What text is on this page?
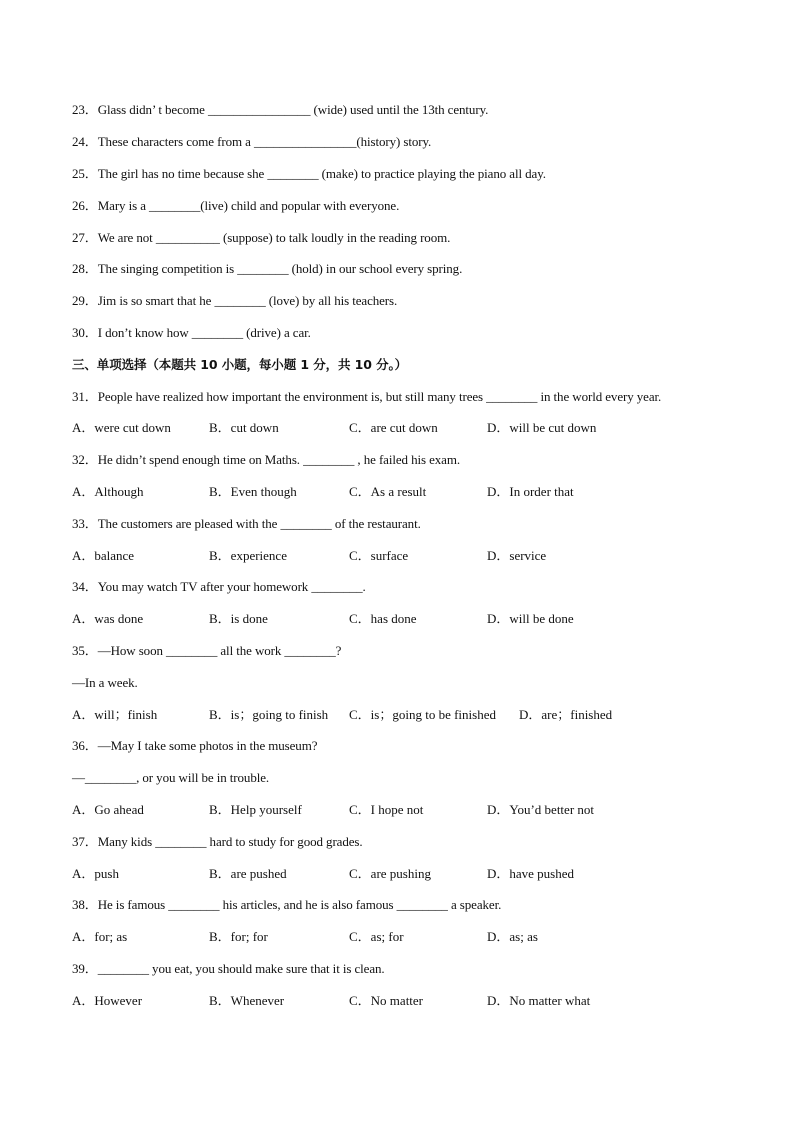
23．Glass didn’ t become ________________ (wide) used until the 13th century.
24．These characters come from a ________________(history) story.
25．The girl has no time because she ________ (make) to practice playing the piano all day.
26．Mary is a ________(live) child and popular with everyone.
27．We are not __________ (suppose) to talk loudly in the reading room.
28．The singing competition is ________ (hold) in our school every spring.
29．Jim is so smart that he ________ (love) by all his teachers.
30．I don’t know how ________ (drive) a car.
三、单项选择（本题共 10 小题，每小题 1 分，共 10 分。）
31．People have realized how important the environment is, but still many trees ________ in the world every year.
A．were cut down	B．cut down	C．are cut down	D．will be cut down
32．He didn’t spend enough time on Maths. ________ , he failed his exam.
A．Although	B．Even though	C．As a result	D．In order that
33．The customers are pleased with the ________ of the restaurant.
A．balance	B．experience	C．surface	D．service
34．You may watch TV after your homework ________.
A．was done	B．is done	C．has done	D．will be done
35．—How soon ________ all the work ________?
—In a week.
A．will；finish	B．is；going to finish C．is；going to be finished D．are；finished
36．—May I take some photos in the museum?
—________, or you will be in trouble.
A．Go ahead	B．Help yourself	C．I hope not	D．You’d better not
37．Many kids ________ hard to study for good grades.
A．push	B．are pushed	C．are pushing	D．have pushed
38．He is famous ________ his articles, and he is also famous ________ a speaker.
A．for; as	B．for; for	C．as; for	D．as; as
39．________ you eat, you should make sure that it is clean.
A．However	B．Whenever	C．No matter	D．No matter what
